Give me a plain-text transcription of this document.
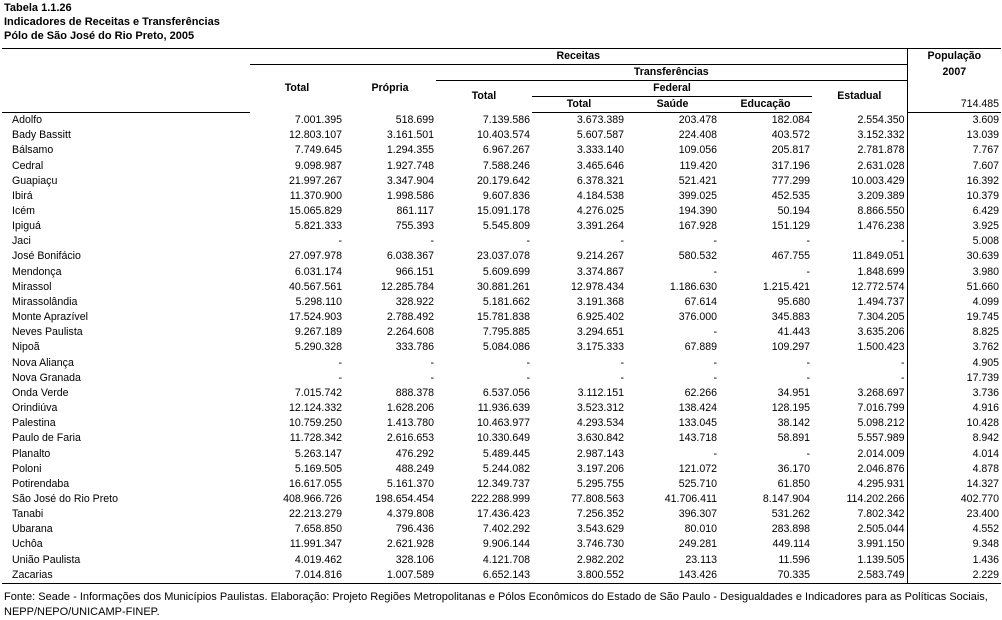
Tabela 1.1.26
Indicadores de Receitas e Transferências
Pólo de São José do Rio Preto, 2005
	Receitas							População
	Total	Própria	Transferências					2007
			Total	Federal			Estadual	
				Total	Saúde	Educação		714.485
Adolfo	7.001.395	518.699	7.139.586	3.673.389	203.478	182.084	2.554.350	3.609
Bady Bassitt	12.803.107	3.161.501	10.403.574	5.607.587	224.408	403.572	3.152.332	13.039
Bálsamo	7.749.645	1.294.355	6.967.267	3.333.140	109.056	205.817	2.781.878	7.767
Cedral	9.098.987	1.927.748	7.588.246	3.465.646	119.420	317.196	2.631.028	7.607
Guapiaçu	21.997.267	3.347.904	20.179.642	6.378.321	521.421	777.299	10.003.429	16.392
Ibirá	11.370.900	1.998.586	9.607.836	4.184.538	399.025	452.535	3.209.389	10.379
Icém	15.065.829	861.117	15.091.178	4.276.025	194.390	50.194	8.866.550	6.429
Ipiguá	5.821.333	755.393	5.545.809	3.391.264	167.928	151.129	1.476.238	3.925
Jaci	-	-	-	-	-	-	-	5.008
José Bonifácio	27.097.978	6.038.367	23.037.078	9.214.267	580.532	467.755	11.849.051	30.639
Mendonça	6.031.174	966.151	5.609.699	3.374.867	-	-	1.848.699	3.980
Mirassol	40.567.561	12.285.784	30.881.261	12.978.434	1.186.630	1.215.421	12.772.574	51.660
Mirassolândia	5.298.110	328.922	5.181.662	3.191.368	67.614	95.680	1.494.737	4.099
Monte Aprazível	17.524.903	2.788.492	15.781.838	6.925.402	376.000	345.883	7.304.205	19.745
Neves Paulista	9.267.189	2.264.608	7.795.885	3.294.651	-	41.443	3.635.206	8.825
Nipoã	5.290.328	333.786	5.084.086	3.175.333	67.889	109.297	1.500.423	3.762
Nova Aliança	-	-	-	-	-	-	-	4.905
Nova Granada	-	-	-	-	-	-	-	17.739
Onda Verde	7.015.742	888.378	6.537.056	3.112.151	62.266	34.951	3.268.697	3.736
Orindiúva	12.124.332	1.628.206	11.936.639	3.523.312	138.424	128.195	7.016.799	4.916
Palestina	10.759.250	1.413.780	10.463.977	4.293.534	133.045	38.142	5.098.212	10.428
Paulo de Faria	11.728.342	2.616.653	10.330.649	3.630.842	143.718	58.891	5.557.989	8.942
Planalto	5.263.147	476.292	5.489.445	2.987.143	-	-	2.014.009	4.014
Poloni	5.169.505	488.249	5.244.082	3.197.206	121.072	36.170	2.046.876	4.878
Potirendaba	16.617.055	5.161.370	12.349.737	5.295.755	525.710	61.850	4.295.931	14.327
São José do Rio Preto	408.966.726	198.654.454	222.288.999	77.808.563	41.706.411	8.147.904	114.202.266	402.770
Tanabi	22.213.279	4.379.808	17.436.423	7.256.352	396.307	531.262	7.802.342	23.400
Ubarana	7.658.850	796.436	7.402.292	3.543.629	80.010	283.898	2.505.044	4.552
Uchôa	11.991.347	2.621.928	9.906.144	3.746.730	249.281	449.114	3.991.150	9.348
União Paulista	4.019.462	328.106	4.121.708	2.982.202	23.113	11.596	1.139.505	1.436
Zacarias	7.014.816	1.007.589	6.652.143	3.800.552	143.426	70.335	2.583.749	2.229
Fonte: Seade - Informações dos Municípios Paulistas. Elaboração: Projeto Regiões Metropolitanas e Pólos Econômicos do Estado de São Paulo - Desigualdades e Indicadores para as Políticas Sociais, NEPP/NEPO/UNICAMP-FINEP.
